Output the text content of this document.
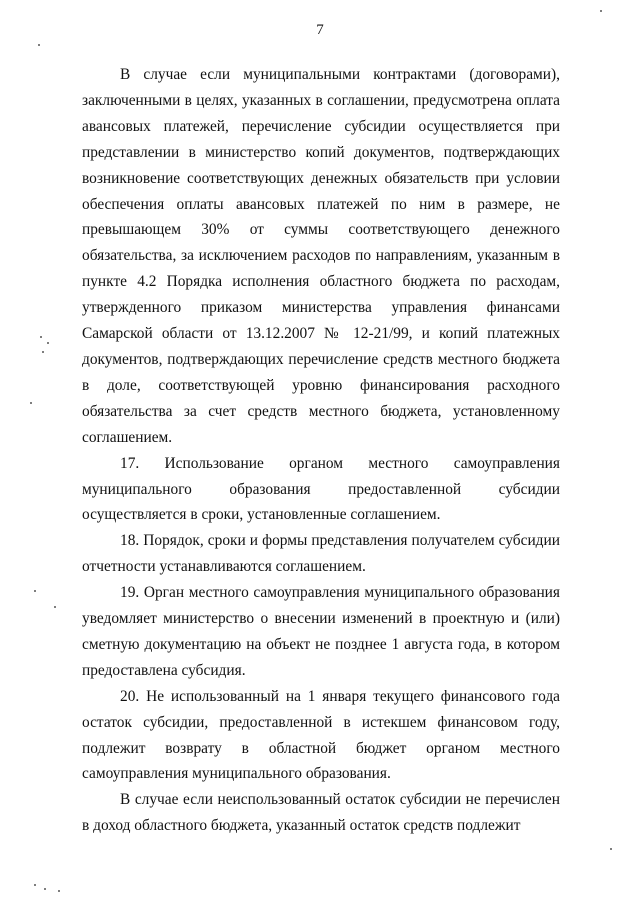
7

В случае если муниципальными контрактами (договорами), заключенными в целях, указанных в соглашении, предусмотрена оплата авансовых платежей, перечисление субсидии осуществляется при представлении в министерство копий документов, подтверждающих возникновение соответствующих денежных обязательств при условии обеспечения оплаты авансовых платежей по ним в размере, не превышающем 30% от суммы соответствующего денежного обязательства, за исключением расходов по направлениям, указанным в пункте 4.2 Порядка исполнения областного бюджета по расходам, утвержденного приказом министерства управления финансами Самарской области от 13.12.2007 № 12-21/99, и копий платежных документов, подтверждающих перечисление средств местного бюджета в доле, соответствующей уровню финансирования расходного обязательства за счет средств местного бюджета, установленному соглашением.

17. Использование органом местного самоуправления муниципального образования предоставленной субсидии осуществляется в сроки, установленные соглашением.

18. Порядок, сроки и формы представления получателем субсидии отчетности устанавливаются соглашением.

19. Орган местного самоуправления муниципального образования уведомляет министерство о внесении изменений в проектную и (или) сметную документацию на объект не позднее 1 августа года, в котором предоставлена субсидия.

20. Не использованный на 1 января текущего финансового года остаток субсидии, предоставленной в истекшем финансовом году, подлежит возврату в областной бюджет органом местного самоуправления муниципального образования.

В случае если неиспользованный остаток субсидии не перечислен в доход областного бюджета, указанный остаток средств подлежит
